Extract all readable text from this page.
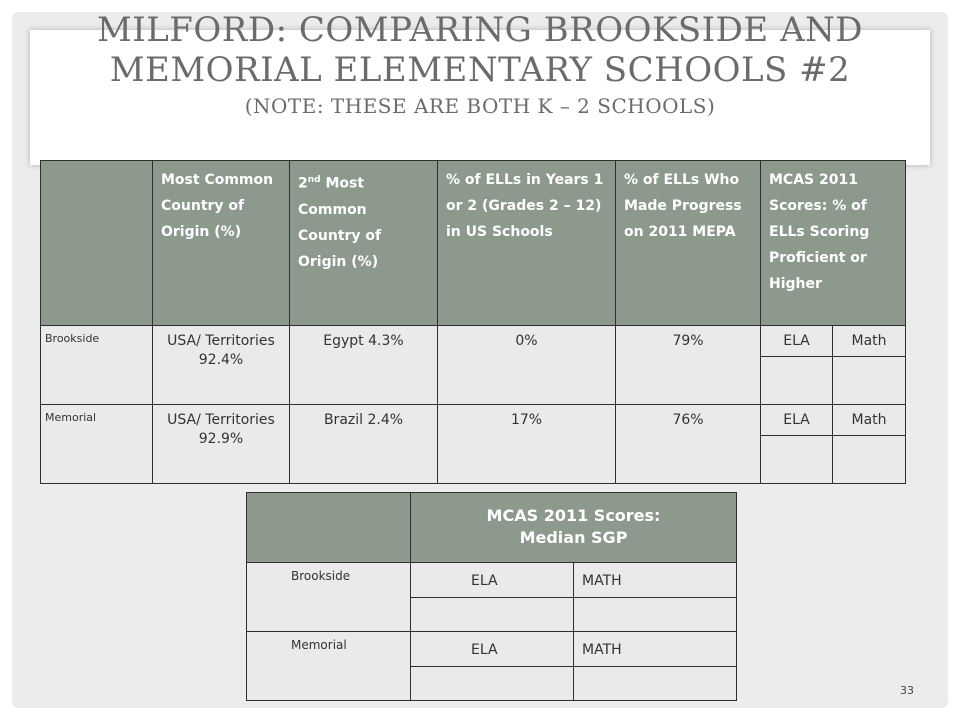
MILFORD: COMPARING BROOKSIDE AND
MEMORIAL ELEMENTARY SCHOOLS #2
(NOTE: THESE ARE BOTH K – 2 SCHOOLS)
	Most Common Country of Origin (%)	2nd Most Common Country of Origin (%)	% of ELLs in Years 1 or 2 (Grades 2 – 12) in US Schools	% of ELLs Who Made Progress on 2011 MEPA	MCAS 2011 Scores: % of ELLs Scoring Proficient or Higher	
Brookside	USA/ Territories 92.4%	Egypt 4.3%	0%	79%	ELA	Math

Memorial	USA/ Territories 92.9%	Brazil 2.4%	17%	76%	ELA	Math

	MCAS 2011 Scores:
Median SGP	

Brookside	ELA	MATH

Memorial	ELA	MATH

33
